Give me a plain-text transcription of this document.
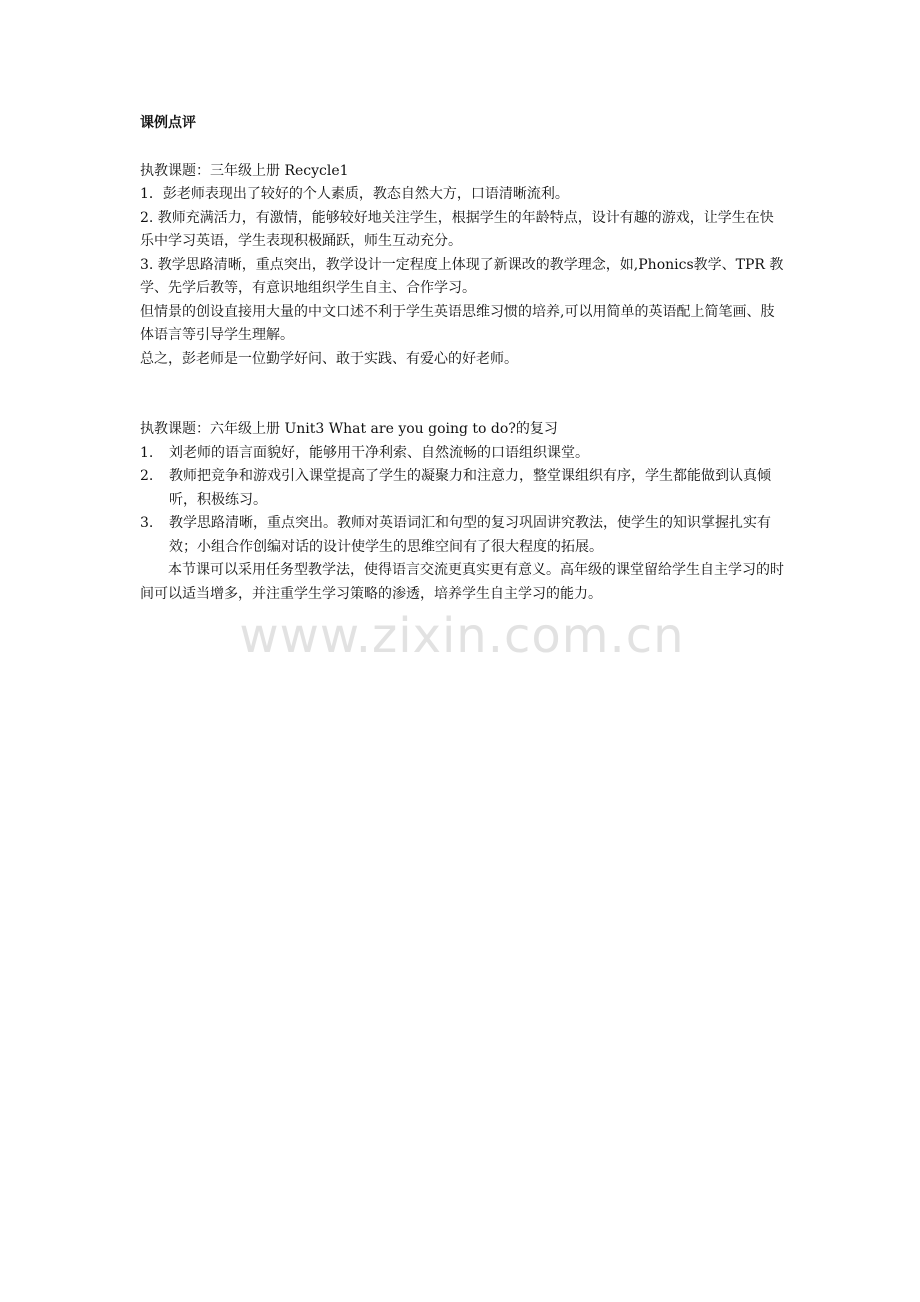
课例点评

执教课题：三年级上册 Recycle1

1．彭老师表现出了较好的个人素质，教态自然大方，口语清晰流利。

2. 教师充满活力，有激情，能够较好地关注学生，根据学生的年龄特点，设计有趣的游戏，让学生在快乐中学习英语，学生表现积极踊跃，师生互动充分。

3. 教学思路清晰，重点突出，教学设计一定程度上体现了新课改的教学理念，如,Phonics教学、TPR 教学、先学后教等，有意识地组织学生自主、合作学习。

但情景的创设直接用大量的中文口述不利于学生英语思维习惯的培养,可以用简单的英语配上简笔画、肢体语言等引导学生理解。

总之，彭老师是一位勤学好问、敢于实践、有爱心的好老师。

执教课题：六年级上册 Unit3 What are you going to do?的复习

1.	刘老师的语言面貌好，能够用干净利索、自然流畅的口语组织课堂。
2.	教师把竞争和游戏引入课堂提高了学生的凝聚力和注意力，整堂课组织有序，学生都能做到认真倾听，积极练习。
3.	教学思路清晰，重点突出。教师对英语词汇和句型的复习巩固讲究教法，使学生的知识掌握扎实有效；小组合作创编对话的设计使学生的思维空间有了很大程度的拓展。

本节课可以采用任务型教学法，使得语言交流更真实更有意义。高年级的课堂留给学生自主学习的时间可以适当增多，并注重学生学习策略的渗透，培养学生自主学习的能力。

www.zixin.com.cn
